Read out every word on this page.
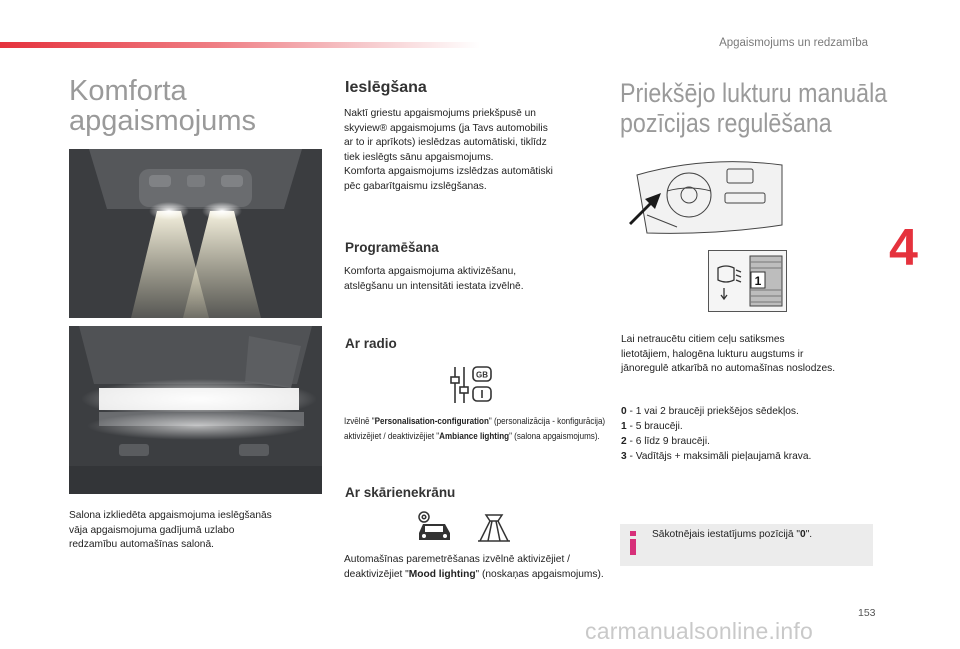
Apgaismojums un redzamība
4
Komforta
apgaismojums
Salona izkliedēta apgaismojuma ieslēgšanās
vāja apgaismojuma gadījumā uzlabo
redzamību automašīnas salonā.
Ieslēgšana
Naktī griestu apgaismojums priekšpusē un
skyview® apgaismojums (ja Tavs automobilis
ar to ir aprīkots) ieslēdzas automātiski, tiklīdz
tiek ieslēgts sānu apgaismojums.
Komforta apgaismojums izslēdzas automātiski
pēc gabarītgaismu izslēgšanas.
Programēšana
Komforta apgaismojuma aktivizēšanu,
atslēgšanu un intensitāti iestata izvēlnē.
Ar radio
GB
Izvēlnē "Personalisation-configuration" (personalizācija - konfigurācija) aktivizējiet / deaktivizējiet "Ambiance lighting" (salona apgaismojums).
Ar skārienekrānu
Automašīnas paremetrēšanas izvēlnē aktivizējiet / deaktivizējiet "Mood lighting" (noskaņas apgaismojums).
Priekšējo lukturu manuāla
pozīcijas regulēšana
1
Lai netraucētu citiem ceļu satiksmes
lietotājiem, halogēna lukturu augstums ir
jānoregulē atkarībā no automašīnas noslodzes.
0 - 1 vai 2 braucēji priekšējos sēdekļos.
1 - 5 braucēji.
2 - 6 līdz 9 braucēji.
3 - Vadītājs + maksimāli pieļaujamā krava.
Sākotnējais iestatījums pozīcijā "0".
153
carmanualsonline.info
